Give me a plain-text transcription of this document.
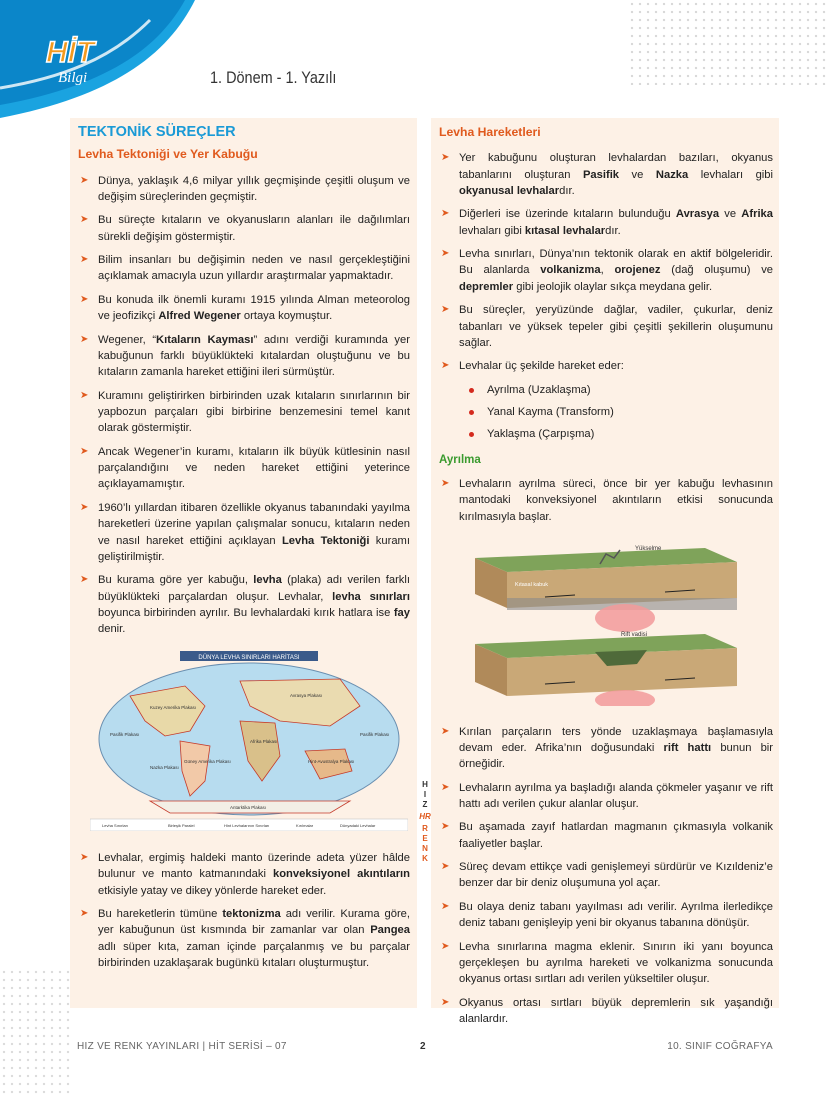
HİT
Bilgi	1. Dönem - 1. Yazılı
TEKTONİK SÜREÇLER
Levha Tektoniği ve Yer Kabuğu
➤ Dünya, yaklaşık 4,6 milyar yıllık geçmişinde çeşitli oluşum ve değişim süreçlerinden geçmiştir.
➤ Bu süreçte kıtaların ve okyanusların alanları ile dağılımları sürekli değişim göstermiştir.
➤ Bilim insanları bu değişimin neden ve nasıl gerçekleştiğini açıklamak amacıyla uzun yıllardır araştırmalar yapmaktadır.
➤ Bu konuda ilk önemli kuramı 1915 yılında Alman meteorolog ve jeofizikçi Alfred Wegener ortaya koymuştur.
➤ Wegener, “Kıtaların Kayması” adını verdiği kuramında yer kabuğunun farklı büyüklükteki kıtalardan oluştuğunu ve bu kıtaların zamanla hareket ettiğini ileri sürmüştür.
➤ Kuramını geliştirirken birbirinden uzak kıtaların sınırlarının bir yapbozun parçaları gibi birbirine benzemesini temel kanıt olarak göstermiştir.
➤ Ancak Wegener’in kuramı, kıtaların ilk büyük kütlesinin nasıl parçalandığını ve neden hareket ettiğini yeterince açıklayamamıştır.
➤ 1960’lı yıllardan itibaren özellikle okyanus tabanındaki yayılma hareketleri üzerine yapılan çalışmalar sonucu, kıtaların neden ve nasıl hareket ettiğini açıklayan Levha Tektoniği kuramı geliştirilmiştir.
➤ Bu kurama göre yer kabuğu, levha (plaka) adı verilen farklı büyüklükteki parçalardan oluşur. Levhalar, levha sınırları boyunca birbirinden ayrılır. Bu levhalardaki kırık hatlara ise fay denir.
DÜNYA LEVHA SINIRLARI HARİTASI
Avrasya Plakası
Pasifik Plakası
Afrika Plakası
Güney Amerika Plakası
Kuzey Amerika Plakası
Hint-Avustralya Plakası
Antarktika Plakası
Nazka Plakası
Pasifik Plakası
Levha Sınırları	Birleşik Paralel	Hint Levhalarının Sınırları	Kırılmalar	Dünyadaki Levhalar
➤ Levhalar, ergimiş haldeki manto üzerinde adeta yüzer hâlde bulunur ve manto katmanındaki konveksiyonel akıntıların etkisiyle yatay ve dikey yönlerde hareket eder.
➤ Bu hareketlerin tümüne tektonizma adı verilir. Kurama göre, yer kabuğunun üst kısmında bir zamanlar var olan Pangea adlı süper kıta, zaman içinde parçalanmış ve bu parçalar birbirinden uzaklaşarak bugünkü kıtaları oluşturmuştur.
Levha Hareketleri
➤ Yer kabuğunu oluşturan levhalardan bazıları, okyanus tabanlarını oluşturan Pasifik ve Nazka levhaları gibi okyanusal levhalardır.
➤ Diğerleri ise üzerinde kıtaların bulunduğu Avrasya ve Afrika levhaları gibi kıtasal levhalardır.
➤ Levha sınırları, Dünya’nın tektonik olarak en aktif bölgeleridir. Bu alanlarda volkanizma, orojenez (dağ oluşumu) ve depremler gibi jeolojik olaylar sıkça meydana gelir.
➤ Bu süreçler, yeryüzünde dağlar, vadiler, çukurlar, deniz tabanları ve yüksek tepeler gibi çeşitli şekillerin oluşumunu sağlar.
➤ Levhalar üç şekilde hareket eder:
Ayrılma (Uzaklaşma)
Yanal Kayma (Transform)
Yaklaşma (Çarpışma)
Ayrılma
➤ Levhaların ayrılma süreci, önce bir yer kabuğu levhasının mantodaki konveksiyonel akıntıların etkisi sonucunda kırılmasıyla başlar.
Yükselme
Kıtasal kabuk
Rift vadisi
➤ Kırılan parçaların ters yönde uzaklaşmaya başlamasıyla devam eder. Afrika’nın doğusundaki rift hattı bunun bir örneğidir.
➤ Levhaların ayrılma ya başladığı alanda çökmeler yaşanır ve rift hattı adı verilen çukur alanlar oluşur.
➤ Bu aşamada zayıf hatlardan magmanın çıkmasıyla volkanik faaliyetler başlar.
➤ Süreç devam ettikçe vadi genişlemeyi sürdürür ve Kızıldeniz’e benzer dar bir deniz oluşumuna yol açar.
➤ Bu olaya deniz tabanı yayılması adı verilir. Ayrılma ilerledikçe deniz tabanı genişleyip yeni bir okyanus tabanına dönüşür.
➤ Levha sınırlarına magma eklenir. Sınırın iki yanı boyunca gerçekleşen bu ayrılma hareketi ve volkanizma sonucunda okyanus ortası sırtları adı verilen yükseltiler oluşur.
➤ Okyanus ortası sırtları büyük depremlerin sık yaşandığı alanlardır.
HIZ
HR
RENK
HIZ VE RENK YAYINLARI | HİT SERİSİ – 07	2	10. SINIF COĞRAFYA
